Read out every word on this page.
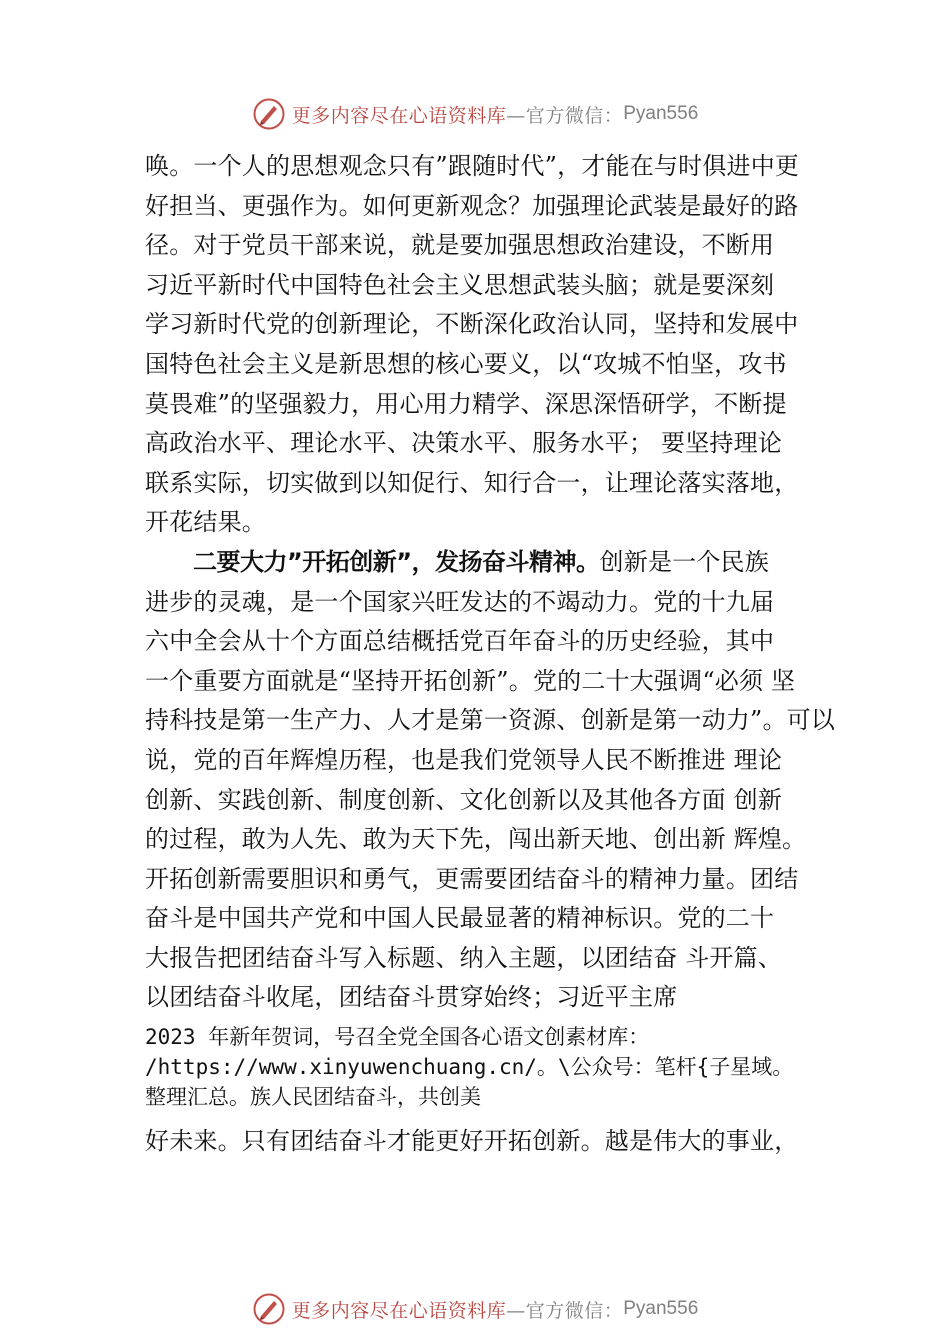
更多内容尽在心语资料库 —官方微信： Pyan556
唤。一个人的思想观念只有”跟随时代”，才能在与时俱进中更
好担当、更强作为。如何更新观念？加强理论武装是最好的路
径。对于党员干部来说，就是要加强思想政治建设，不断用
习近平新时代中国特色社会主义思想武装头脑；就是要深刻
学习新时代党的创新理论，不断深化政治认同，坚持和发展中
国特色社会主义是新思想的核心要义，以“攻城不怕坚，攻书
莫畏难”的坚强毅力，用心用力精学、深思深悟研学，不断提
高政治水平、理论水平、决策水平、服务水平； 要坚持理论
联系实际，切实做到以知促行、知行合一，让理论落实落地，
开花结果。
二要大力”开拓创新”，发扬奋斗精神。创新是一个民族
进步的灵魂，是一个国家兴旺发达的不竭动力。党的十九届
六中全会从十个方面总结概括党百年奋斗的历史经验，其中
一个重要方面就是“坚持开拓创新”。党的二十大强调“必须 坚
持科技是第一生产力、人才是第一资源、创新是第一动力”。可以
说，党的百年辉煌历程，也是我们党领导人民不断推进 理论
创新、实践创新、制度创新、文化创新以及其他各方面 创新
的过程，敢为人先、敢为天下先，闯出新天地、创出新 辉煌。
开拓创新需要胆识和勇气，更需要团结奋斗的精神力量。团结
奋斗是中国共产党和中国人民最显著的精神标识。党的二十
大报告把团结奋斗写入标题、纳入主题，以团结奋 斗开篇、
以团结奋斗收尾，团结奋斗贯穿始终；习近平主席
2023 年新年贺词，号召全党全国各心语文创素材库：
/https://www.xinyuwenchuang.cn/。\公众号：笔杆{子星域。
整理汇总。族人民团结奋斗，共创美
好未来。只有团结奋斗才能更好开拓创新。越是伟大的事业，
更多内容尽在心语资料库 —官方微信： Pyan556
